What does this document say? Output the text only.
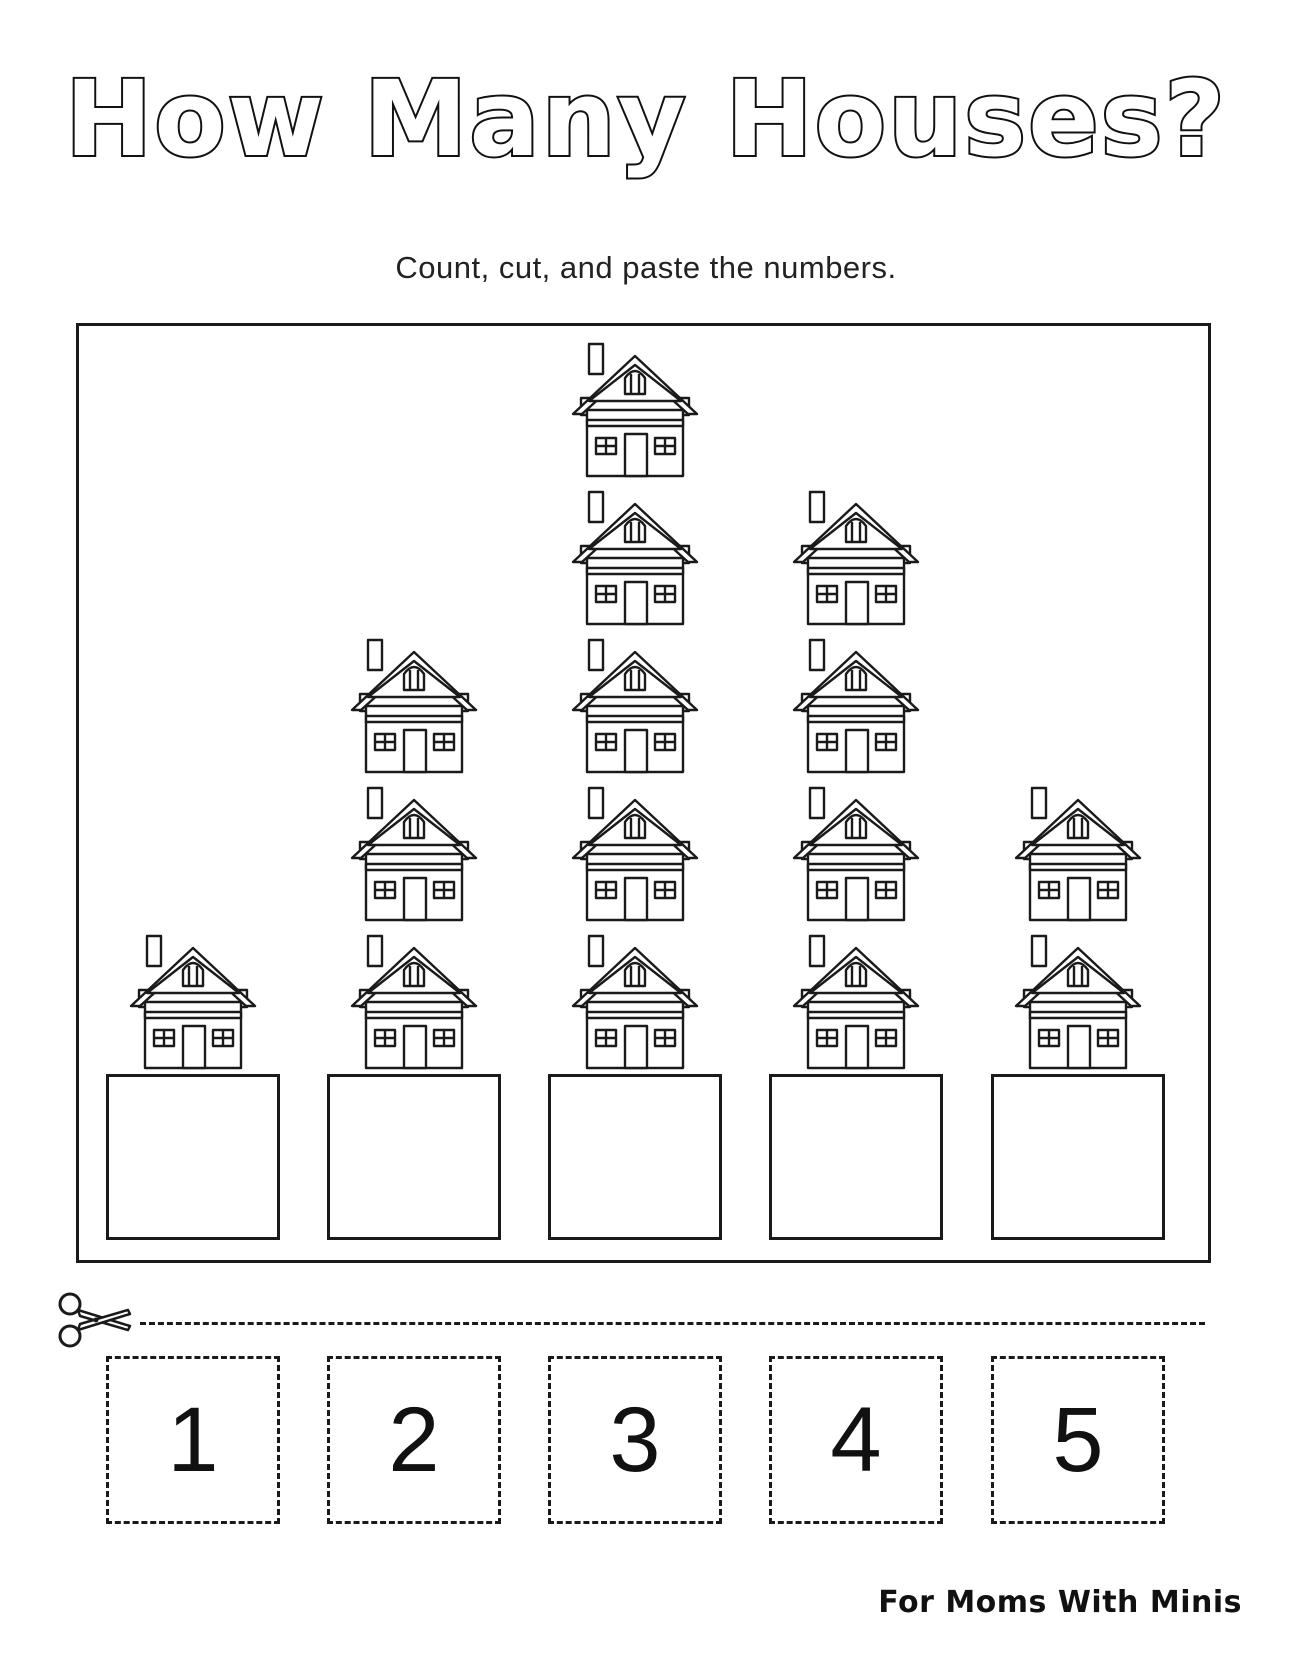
How Many Houses?
Count, cut, and paste the numbers.
1	2	3	4	5
For Moms With Minis
